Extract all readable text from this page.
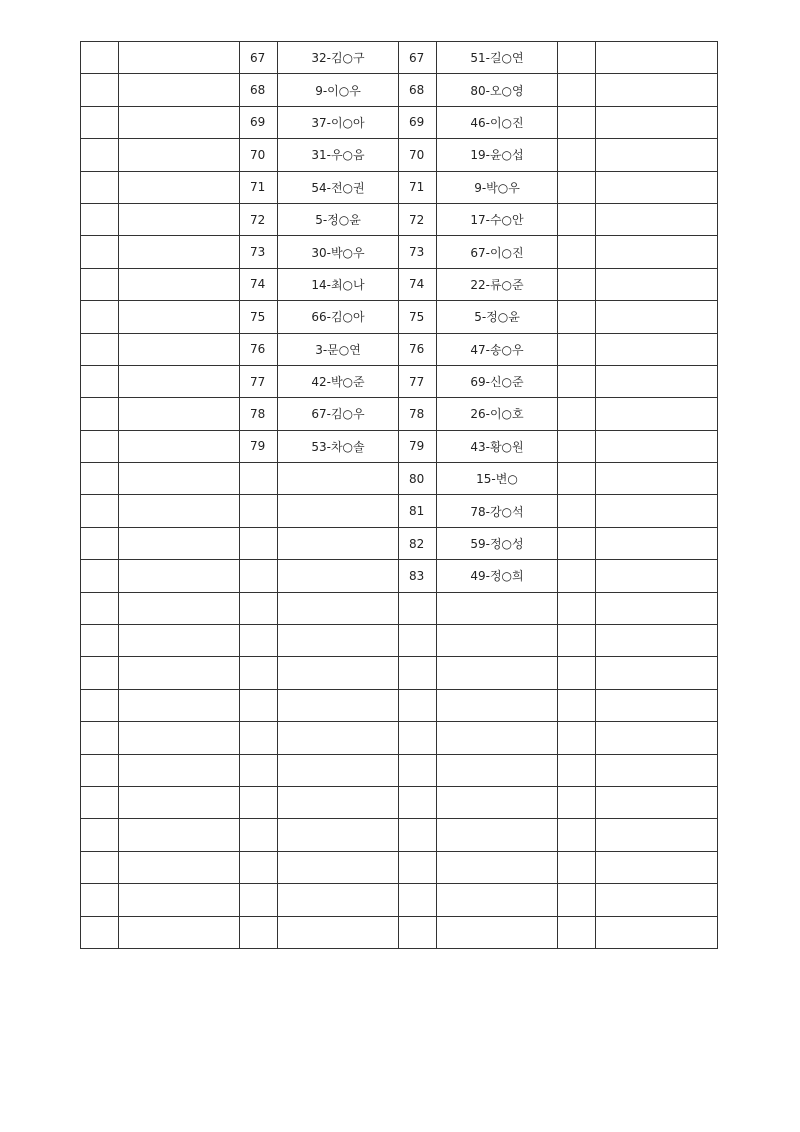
		67	32-김○구	67	51-길○연		
		68	9-이○우	68	80-오○영		
		69	37-이○아	69	46-이○진		
		70	31-우○음	70	19-윤○섭		
		71	54-전○권	71	9-박○우		
		72	5-정○윤	72	17-수○안		
		73	30-박○우	73	67-이○진		
		74	14-최○나	74	22-류○준		
		75	66-김○아	75	5-정○윤		
		76	3-문○연	76	47-송○우		
		77	42-박○준	77	69-신○준		
		78	67-김○우	78	26-이○호		
		79	53-차○솔	79	43-황○원		
				80	15-변○		
				81	78-강○석		
				82	59-정○성		
				83	49-정○희		
